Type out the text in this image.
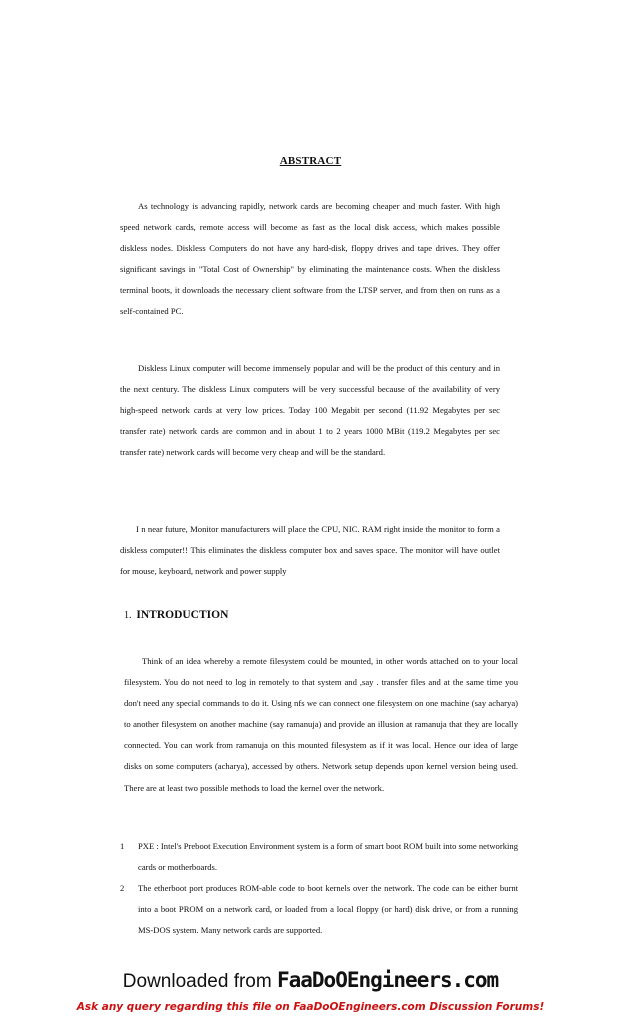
ABSTRACT

As technology is advancing rapidly, network cards are becoming cheaper and much faster. With high speed network cards, remote access will become as fast as the local disk access, which makes possible diskless nodes. Diskless Computers do not have any hard-disk, floppy drives and tape drives. They offer significant savings in "Total Cost of Ownership" by eliminating the maintenance costs. When the diskless terminal boots, it downloads the necessary client software from the LTSP server, and from then on runs as a self-contained PC.

Diskless Linux computer will become immensely popular and will be the product of this century and in the next century. The diskless Linux computers will be very successful because of the availability of very high-speed network cards at very low prices. Today 100 Megabit per second (11.92 Megabytes per sec transfer rate) network cards are common and in about 1 to 2 years 1000 MBit (119.2 Megabytes per sec transfer rate) network cards will become very cheap and will be the standard.

I n near future, Monitor manufacturers will place the CPU, NIC. RAM right inside the monitor to form a diskless computer!! This eliminates the diskless computer box and saves space. The monitor will have outlet for mouse, keyboard, network and power supply

1. INTRODUCTION

Think of an idea whereby a remote filesystem could be mounted, in other words attached on to your local filesystem. You do not need to log in remotely to that system and ,say . transfer files and at the same time you don't need any special commands to do it. Using nfs we can connect one filesystem on one machine (say acharya) to another filesystem on another machine (say ramanuja) and provide an illusion at ramanuja that they are locally connected. You can work from ramanuja on this mounted filesystem as if it was local. Hence our idea of large disks on some computers (acharya), accessed by others. Network setup depends upon kernel version being used. There are at least two possible methods to load the kernel over the network.

1 PXE : Intel's Preboot Execution Environment system is a form of smart boot ROM built into some networking cards or motherboards.
2 The etherboot port produces ROM-able code to boot kernels over the network. The code can be either burnt into a boot PROM on a network card, or loaded from a local floppy (or hard) disk drive, or from a running MS-DOS system. Many network cards are supported.
Downloaded from FaaDoOEngineers.com
Ask any query regarding this file on FaaDoOEngineers.com Discussion Forums!
